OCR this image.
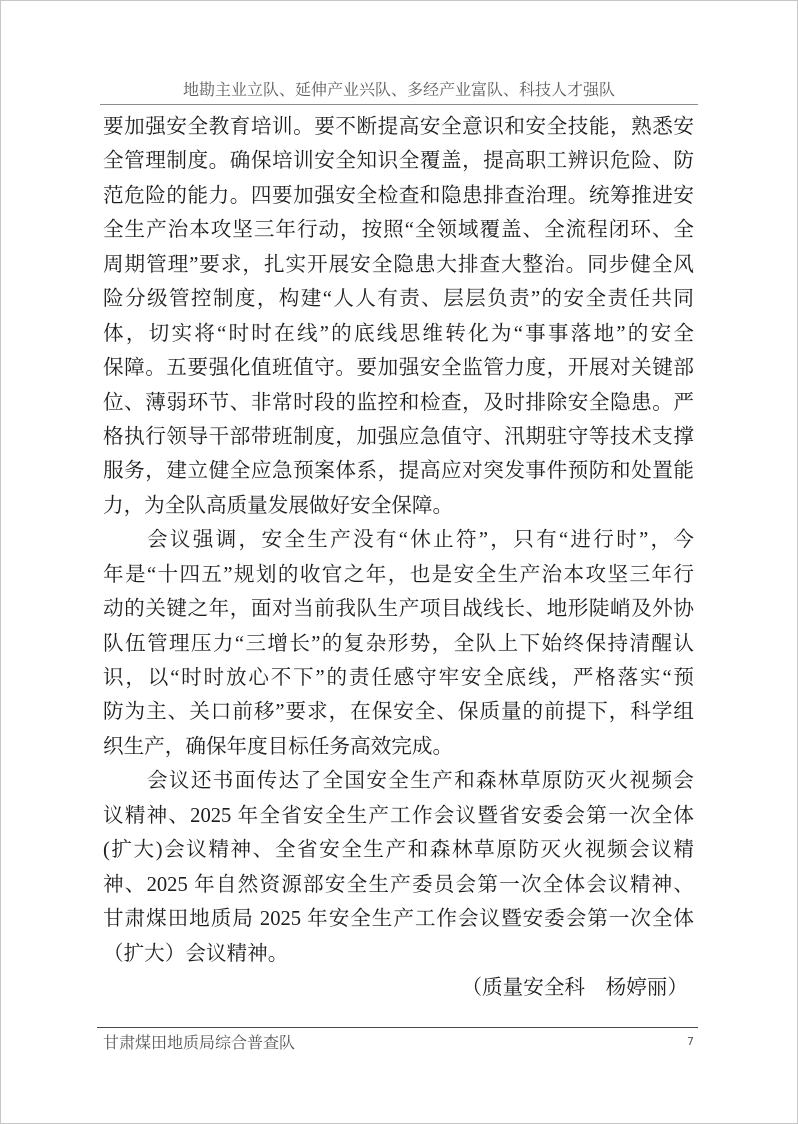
地勘主业立队、延伸产业兴队、多经产业富队、科技人才强队
要加强安全教育培训。要不断提高安全意识和安全技能，熟悉安
全管理制度。确保培训安全知识全覆盖，提高职工辨识危险、防
范危险的能力。四要加强安全检查和隐患排查治理。统筹推进安
全生产治本攻坚三年行动，按照“全领域覆盖、全流程闭环、全
周期管理”要求，扎实开展安全隐患大排查大整治。同步健全风
险分级管控制度，构建“人人有责、层层负责”的安全责任共同
体，切实将“时时在线”的底线思维转化为“事事落地”的安全
保障。五要强化值班值守。要加强安全监管力度，开展对关键部
位、薄弱环节、非常时段的监控和检查，及时排除安全隐患。严
格执行领导干部带班制度，加强应急值守、汛期驻守等技术支撑
服务，建立健全应急预案体系，提高应对突发事件预防和处置能
力，为全队高质量发展做好安全保障。
会议强调，安全生产没有“休止符”，只有“进行时”，今
年是“十四五”规划的收官之年，也是安全生产治本攻坚三年行
动的关键之年，面对当前我队生产项目战线长、地形陡峭及外协
队伍管理压力“三增长”的复杂形势，全队上下始终保持清醒认
识，以“时时放心不下”的责任感守牢安全底线，严格落实“预
防为主、关口前移”要求，在保安全、保质量的前提下，科学组
织生产，确保年度目标任务高效完成。
会议还书面传达了全国安全生产和森林草原防灭火视频会
议精神、2025 年全省安全生产工作会议暨省安委会第一次全体
(扩大)会议精神、全省安全生产和森林草原防灭火视频会议精
神、2025 年自然资源部安全生产委员会第一次全体会议精神、
甘肃煤田地质局 2025 年安全生产工作会议暨安委会第一次全体
（扩大）会议精神。
（质量安全科　杨婷丽）
甘肃煤田地质局综合普查队	7
